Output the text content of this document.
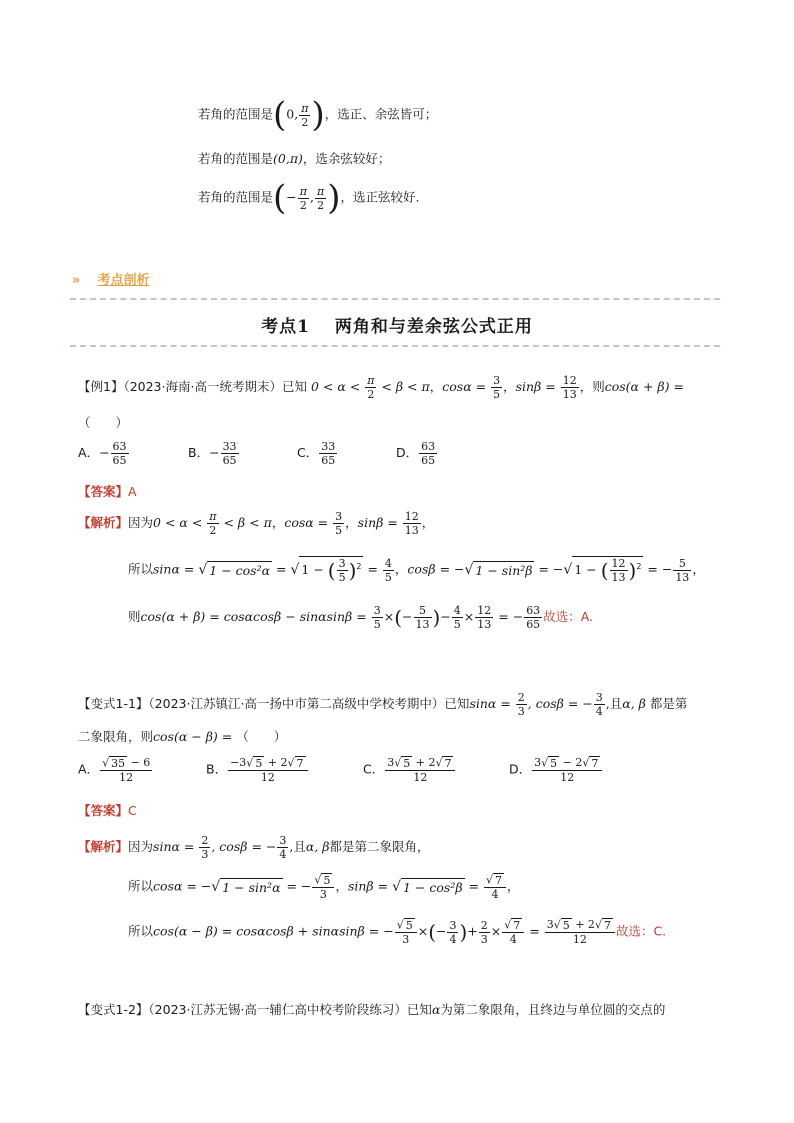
若角的范围是(0, $\frac{\pi}{2}$ )，选正、余弦皆可；
若角的范围是(0,π)，选余弦较好；
若角的范围是(− $\frac{\pi}{2}$ , $\frac{\pi}{2}$ )，选正弦较好.
» 考点剖析
考点1　 两角和与差余弦公式正用
【例1】（2023·海南·高一统考期末）已知 $0 < \alpha < \frac{\pi}{2} < \beta < \pi$，$\cos\alpha = \frac{3}{5}$ ，$\sin\beta = \frac{12}{13}$ ，则cos(α + β) =
（　　）
A．− $\frac{63}{65}$	B．− $\frac{33}{65}$	C． $\frac{33}{65}$	D． $\frac{63}{65}$
【答案】A
【解析】因为$0 < \alpha < \frac{\pi}{2} < \beta < \pi$，$\cos\alpha = \frac{3}{5}$ ，$\sin\beta = \frac{12}{13}$ ，
所以sinα = √ 1 − cos²α = √ 1 − ( $\frac{3}{5} )^2 = \frac{4}{5}$ ，cosβ = −√ 1 − sin²β = −√ 1 − ( $\frac{12}{13} )^2$ = − $\frac{5}{13}$ ，
则$\cos(\alpha + \beta) = \cos\alpha\cos\beta - \sin\alpha\sin\beta = \frac{3}{5}$ ×(− $\frac{5}{13}$ )− $\frac{4}{5} \times \frac{12}{13}$ = − $\frac{63}{65}$ 故选：A.
【变式1-1】（2023·江苏镇江·高一扬中市第二高级中学校考期中）已知$\sin\alpha = \frac{2}{3}$ , cosβ = − $\frac{3}{4}$ ,且α, β 都是第
二象限角，则cos(α − β) = （　　）
A． $\frac{√ 35 - 6}{12}$	B． $\frac{-3√ 5 + 2√ 7}{12}$	C． $\frac{3√ 5 + 2√ 7}{12}$	D． $\frac{3√ 5 - 2√ 7}{12}$
【答案】C
【解析】因为$\sin\alpha = \frac{2}{3}$ , cosβ = − $\frac{3}{4}$ ,且α, β都是第二象限角，
所以cosα = −√ 1 − sin²α = − $\frac{√ 5}{3}$ ，sinβ = √ $1 - \cos^2\beta = \frac{√ 7}{4}$ ，
所以cos(α − β) = cosαcosβ + sinαsinβ = − $\frac{√ 5}{3}$ ×(− $\frac{3}{4}$ )+ $\frac{2}{3} \times \frac{√ 7}{4} = \frac{3√ 5 + 2√ 7}{12}$ 故选：C.
【变式1-2】（2023·江苏无锡·高一辅仁高中校考阶段练习）已知α为第二象限角，且终边与单位圆的交点的
